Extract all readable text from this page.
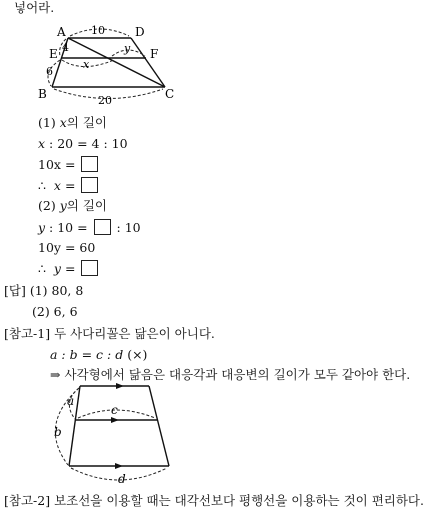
넣어라.
A	D
E	F
B	C
10
4
6
20
x
y
(1) x의 길이
x : 20 = 4 : 10
10x =
∴ x =
(2) y의 길이
y : 10 =  : 10
10y = 60
∴ y =
[답] (1) 80, 8
(2) 6, 6
[참고-1] 두 사다리꼴은 닮은이 아니다.
a : b = c : d (×)
⇒ 사각형에서 닮음은 대응각과 대응변의 길이가 모두 같아야 한다.
a
b
c
d
[참고-2] 보조선을 이용할 때는 대각선보다 평행선을 이용하는 것이 편리하다.
